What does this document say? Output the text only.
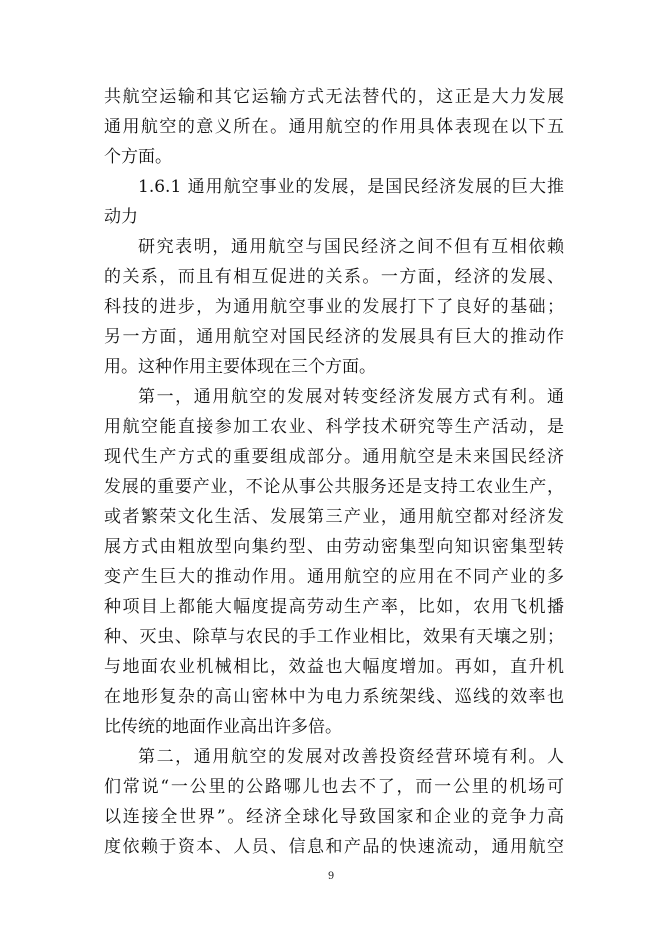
共航空运输和其它运输方式无法替代的，这正是大力发展
通用航空的意义所在。通用航空的作用具体表现在以下五
个方面。
1.6.1 通用航空事业的发展，是国民经济发展的巨大推
动力
研究表明，通用航空与国民经济之间不但有互相依赖
的关系，而且有相互促进的关系。一方面，经济的发展、
科技的进步，为通用航空事业的发展打下了良好的基础；
另一方面，通用航空对国民经济的发展具有巨大的推动作
用。这种作用主要体现在三个方面。
第一，通用航空的发展对转变经济发展方式有利。通
用航空能直接参加工农业、科学技术研究等生产活动，是
现代生产方式的重要组成部分。通用航空是未来国民经济
发展的重要产业，不论从事公共服务还是支持工农业生产，
或者繁荣文化生活、发展第三产业，通用航空都对经济发
展方式由粗放型向集约型、由劳动密集型向知识密集型转
变产生巨大的推动作用。通用航空的应用在不同产业的多
种项目上都能大幅度提高劳动生产率，比如，农用飞机播
种、灭虫、除草与农民的手工作业相比，效果有天壤之别；
与地面农业机械相比，效益也大幅度增加。再如，直升机
在地形复杂的高山密林中为电力系统架线、巡线的效率也
比传统的地面作业高出许多倍。
第二，通用航空的发展对改善投资经营环境有利。人
们常说“一公里的公路哪儿也去不了，而一公里的机场可
以连接全世界”。经济全球化导致国家和企业的竞争力高
度依赖于资本、人员、信息和产品的快速流动，通用航空
9
